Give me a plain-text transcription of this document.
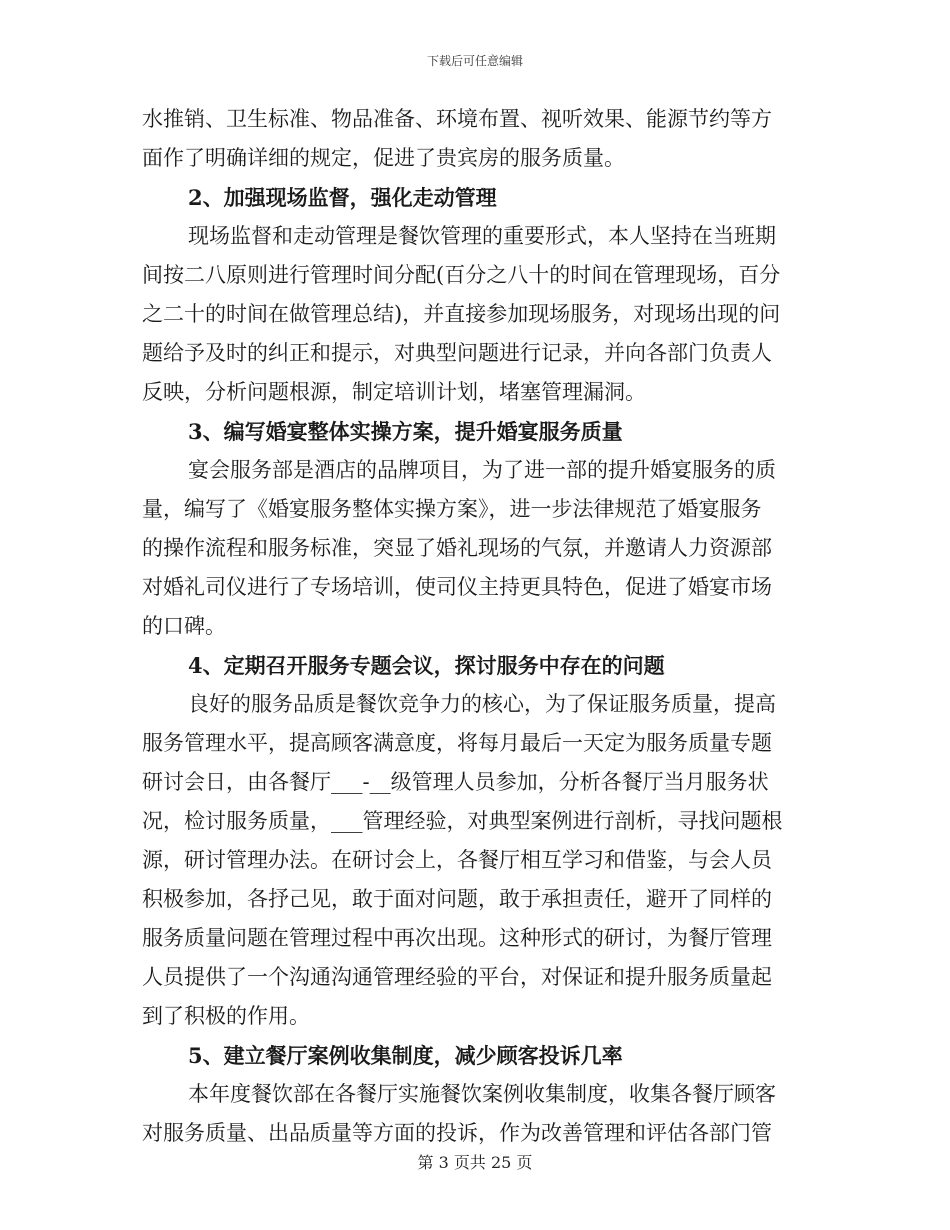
下载后可任意编辑
水推销、卫生标准、物品准备、环境布置、视听效果、能源节约等方
面作了明确详细的规定，促进了贵宾房的服务质量。
2、加强现场监督，强化走动管理
现场监督和走动管理是餐饮管理的重要形式，本人坚持在当班期
间按二八原则进行管理时间分配(百分之八十的时间在管理现场，百分
之二十的时间在做管理总结)，并直接参加现场服务，对现场出现的问
题给予及时的纠正和提示，对典型问题进行记录，并向各部门负责人
反映，分析问题根源，制定培训计划，堵塞管理漏洞。
3、编写婚宴整体实操方案，提升婚宴服务质量
宴会服务部是酒店的品牌项目，为了进一部的提升婚宴服务的质
量，编写了《婚宴服务整体实操方案》，进一步法律规范了婚宴服务
的操作流程和服务标准，突显了婚礼现场的气氛，并邀请人力资源部
对婚礼司仪进行了专场培训，使司仪主持更具特色，促进了婚宴市场
的口碑。
4、定期召开服务专题会议，探讨服务中存在的问题
良好的服务品质是餐饮竞争力的核心，为了保证服务质量，提高
服务管理水平，提高顾客满意度，将每月最后一天定为服务质量专题
研讨会日，由各餐厅___-__级管理人员参加，分析各餐厅当月服务状
况，检讨服务质量，___管理经验，对典型案例进行剖析，寻找问题根
源，研讨管理办法。在研讨会上，各餐厅相互学习和借鉴，与会人员
积极参加，各抒己见，敢于面对问题，敢于承担责任，避开了同样的
服务质量问题在管理过程中再次出现。这种形式的研讨，为餐厅管理
人员提供了一个沟通沟通管理经验的平台，对保证和提升服务质量起
到了积极的作用。
5、建立餐厅案例收集制度，减少顾客投诉几率
本年度餐饮部在各餐厅实施餐饮案例收集制度，收集各餐厅顾客
对服务质量、出品质量等方面的投诉，作为改善管理和评估各部门管
第 3 页共 25 页
